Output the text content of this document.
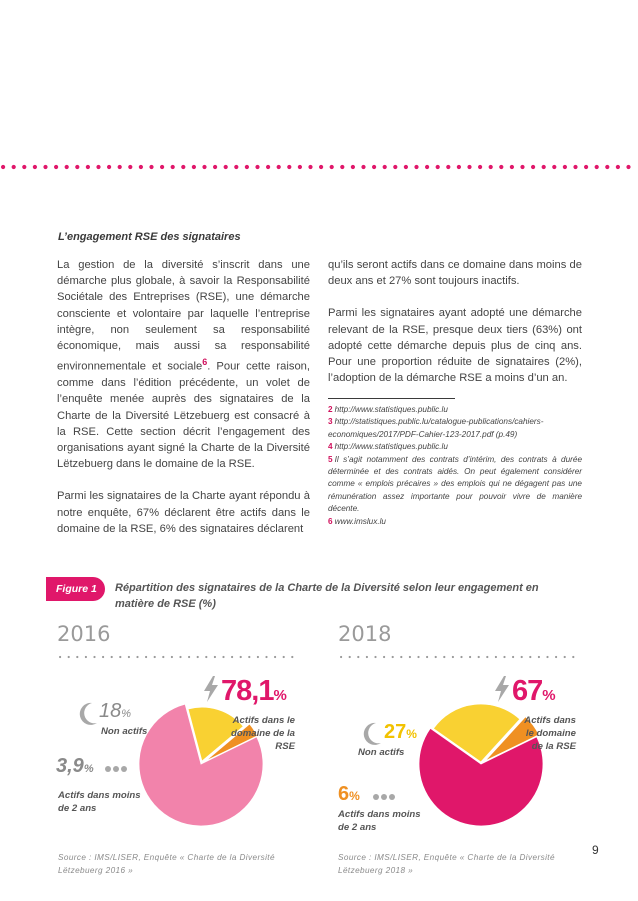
L’engagement RSE des signataires

La gestion de la diversité s’inscrit dans une démarche plus globale, à savoir la Responsabilité Sociétale des Entreprises (RSE), une démarche consciente et volontaire par laquelle l’entreprise intègre, non seulement sa responsabilité économique, mais aussi sa responsabilité environnementale et sociale$^6$. Pour cette raison, comme dans l’édition précédente, un volet de l’enquête menée auprès des signataires de la Charte de la Diversité Lëtzebuerg est consacré à la RSE. Cette section décrit l’engagement des organisations ayant signé la Charte de la Diversité Lëtzebuerg dans le domaine de la RSE.

Parmi les signataires de la Charte ayant répondu à notre enquête, 67% déclarent être actifs dans le domaine de la RSE, 6% des signataires déclarent

qu’ils seront actifs dans ce domaine dans moins de deux ans et 27% sont toujours inactifs.

Parmi les signataires ayant adopté une démarche relevant de la RSE, presque deux tiers (63%) ont adopté cette démarche depuis plus de cinq ans. Pour une proportion réduite de signataires (2%), l’adoption de la démarche RSE a moins d’un an.

2 http://www.statistiques.public.lu
3 http://statistiques.public.lu/catalogue-publications/cahiers-economiques/2017/PDF-Cahier-123-2017.pdf (p.49)
4 http://www.statistiques.public.lu
5 Il s’agit notamment des contrats d’intérim, des contrats à durée déterminée et des contrats aidés. On peut également considérer comme « emplois précaires » des emplois qui ne dégagent pas une rémunération assez importante pour pouvoir vivre de manière décente.
6 www.imslux.lu
Figure 1	Répartition des signataires de la Charte de la Diversité selon leur engagement en matière de RSE (%)
2016
78,1%
Actifs dans le domaine de la RSE
18%
Non actifs
3,9%
Actifs dans moins de 2 ans
Source : IMS/LISER, Enquête « Charte de la Diversité Lëtzebuerg 2016 »
2018
67%
Actifs dans le domaine de la RSE
27%
Non actifs
6%
Actifs dans moins de 2 ans
Source : IMS/LISER, Enquête « Charte de la Diversité Lëtzebuerg 2018 »
9
